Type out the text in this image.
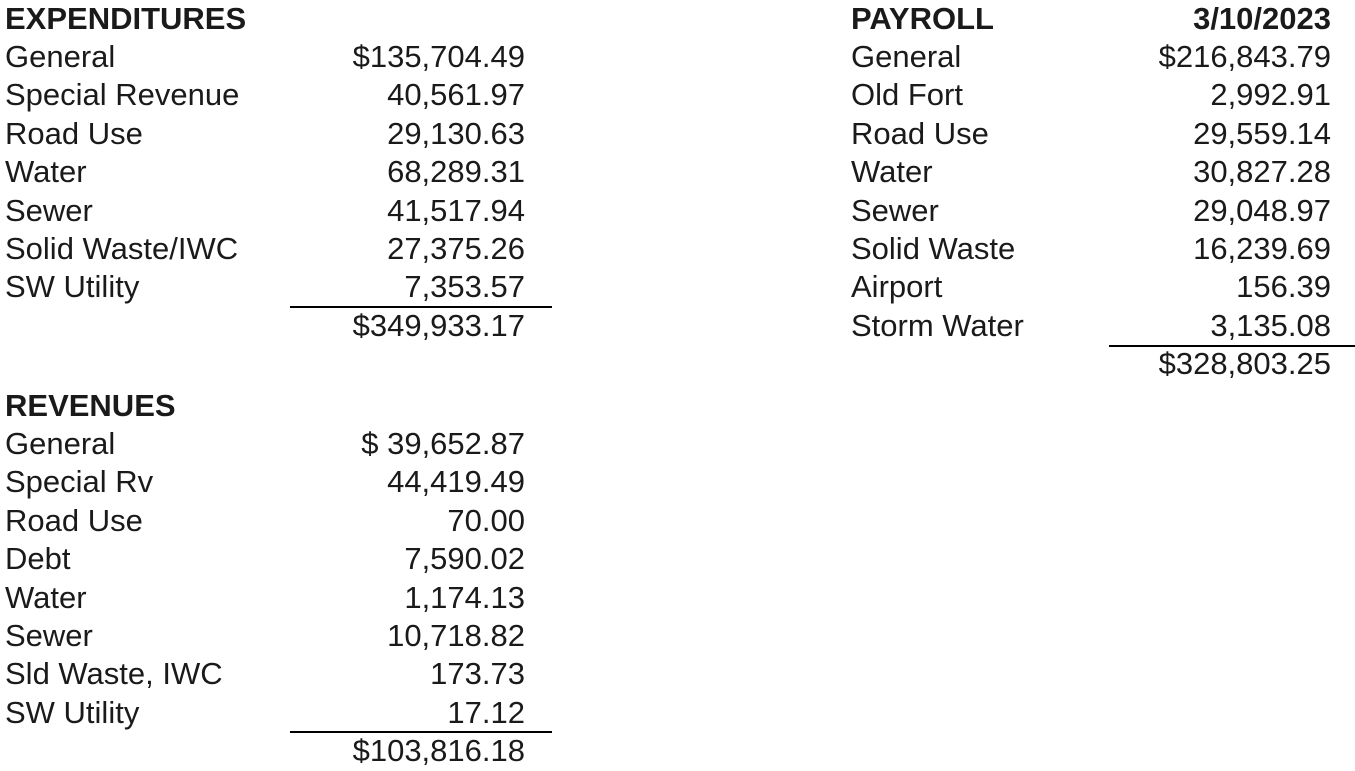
EXPENDITURES
General	$135,704.49
Special Revenue	40,561.97
Road Use	29,130.63
Water	68,289.31
Sewer	41,517.94
Solid Waste/IWC	27,375.26
SW Utility	7,353.57
$349,933.17
REVENUES
General	$ 39,652.87
Special Rv	44,419.49
Road Use	70.00
Debt	7,590.02
Water	1,174.13
Sewer	10,718.82
Sld Waste, IWC	173.73
SW Utility	17.12
$103,816.18
PAYROLL	3/10/2023
General	$216,843.79
Old Fort	2,992.91
Road Use	29,559.14
Water	30,827.28
Sewer	29,048.97
Solid Waste	16,239.69
Airport	156.39
Storm Water	3,135.08
$328,803.25
